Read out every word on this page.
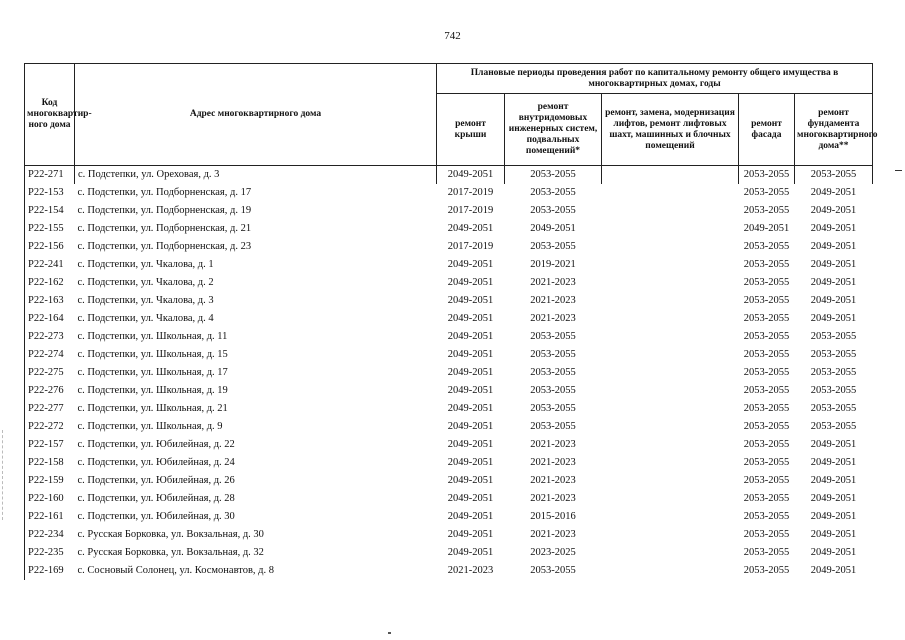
742
Код многоквартир-ного дома	Адрес многоквартирного дома	Плановые периоды проведения работ по капитальному ремонту общего имущества в многоквартирных домах, годы				
		ремонт крыши	ремонт внутридомовых инженерных систем, подвальных помещений*	ремонт, замена, модернизация лифтов, ремонт лифтовых шахт, машинных и блочных помещений	ремонт фасада	ремонт фундамента многоквартирного дома**
Р22-271	с. Подстепки, ул. Ореховая, д. 3	2049-2051	2053-2055		2053-2055	2053-2055
Р22-153	с. Подстепки, ул. Подборненская, д. 17	2017-2019	2053-2055		2053-2055	2049-2051
Р22-154	с. Подстепки, ул. Подборненская, д. 19	2017-2019	2053-2055		2053-2055	2049-2051
Р22-155	с. Подстепки, ул. Подборненская, д. 21	2049-2051	2049-2051		2049-2051	2049-2051
Р22-156	с. Подстепки, ул. Подборненская, д. 23	2017-2019	2053-2055		2053-2055	2049-2051
Р22-241	с. Подстепки, ул. Чкалова, д. 1	2049-2051	2019-2021		2053-2055	2049-2051
Р22-162	с. Подстепки, ул. Чкалова, д. 2	2049-2051	2021-2023		2053-2055	2049-2051
Р22-163	с. Подстепки, ул. Чкалова, д. 3	2049-2051	2021-2023		2053-2055	2049-2051
Р22-164	с. Подстепки, ул. Чкалова, д. 4	2049-2051	2021-2023		2053-2055	2049-2051
Р22-273	с. Подстепки, ул. Школьная, д. 11	2049-2051	2053-2055		2053-2055	2053-2055
Р22-274	с. Подстепки, ул. Школьная, д. 15	2049-2051	2053-2055		2053-2055	2053-2055
Р22-275	с. Подстепки, ул. Школьная, д. 17	2049-2051	2053-2055		2053-2055	2053-2055
Р22-276	с. Подстепки, ул. Школьная, д. 19	2049-2051	2053-2055		2053-2055	2053-2055
Р22-277	с. Подстепки, ул. Школьная, д. 21	2049-2051	2053-2055		2053-2055	2053-2055
Р22-272	с. Подстепки, ул. Школьная, д. 9	2049-2051	2053-2055		2053-2055	2053-2055
Р22-157	с. Подстепки, ул. Юбилейная, д. 22	2049-2051	2021-2023		2053-2055	2049-2051
Р22-158	с. Подстепки, ул. Юбилейная, д. 24	2049-2051	2021-2023		2053-2055	2049-2051
Р22-159	с. Подстепки, ул. Юбилейная, д. 26	2049-2051	2021-2023		2053-2055	2049-2051
Р22-160	с. Подстепки, ул. Юбилейная, д. 28	2049-2051	2021-2023		2053-2055	2049-2051
Р22-161	с. Подстепки, ул. Юбилейная, д. 30	2049-2051	2015-2016		2053-2055	2049-2051
Р22-234	с. Русская Борковка, ул. Вокзальная, д. 30	2049-2051	2021-2023		2053-2055	2049-2051
Р22-235	с. Русская Борковка, ул. Вокзальная, д. 32	2049-2051	2023-2025		2053-2055	2049-2051
Р22-169	с. Сосновый Солонец, ул. Космонавтов, д. 8	2021-2023	2053-2055		2053-2055	2049-2051
